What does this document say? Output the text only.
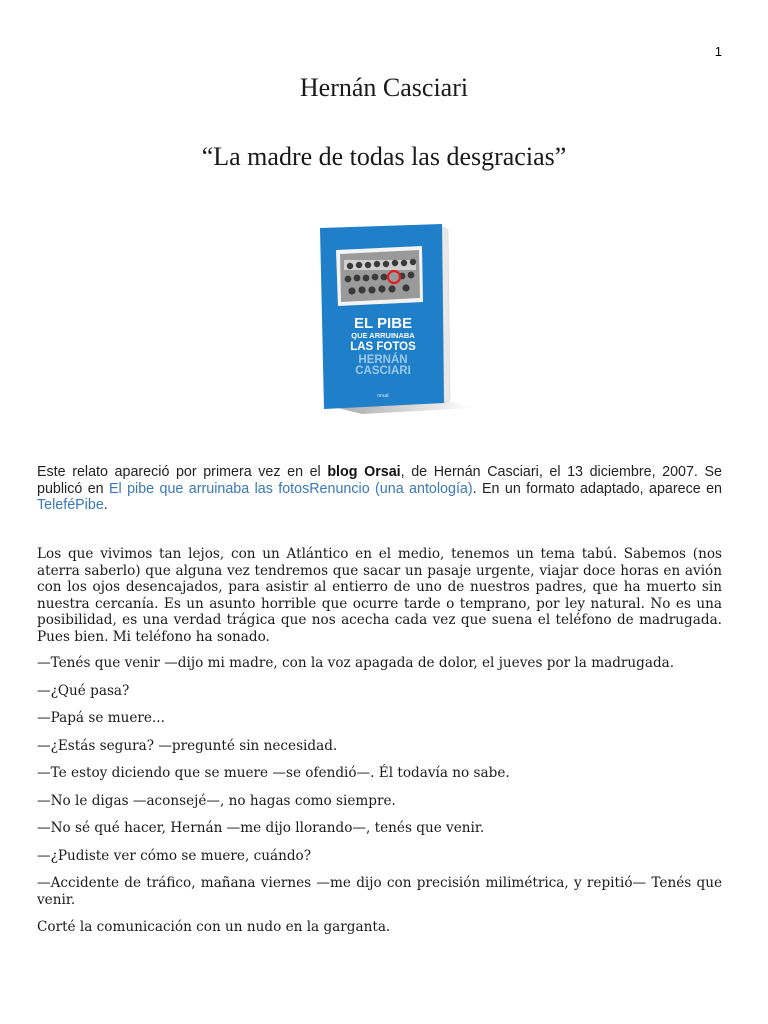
1
Hernán Casciari
“La madre de todas las desgracias”
EL PIBE
QUE ARRUINABA
LAS FOTOS
HERNÁN
CASCIARI
orsai
Este relato apareció por primera vez en el blog Orsai, de Hernán Casciari, el 13 diciembre, 2007. Se publicó en El pibe que arruinaba las fotosRenuncio (una antología). En un formato adaptado, aparece en TeleféPibe.

Los que vivimos tan lejos, con un Atlántico en el medio, tenemos un tema tabú. Sabemos (nos aterra saberlo) que alguna vez tendremos que sacar un pasaje urgente, viajar doce horas en avión con los ojos desencajados, para asistir al entierro de uno de nuestros padres, que ha muerto sin nuestra cercanía. Es un asunto horrible que ocurre tarde o temprano, por ley natural. No es una posibilidad, es una verdad trágica que nos acecha cada vez que suena el teléfono de madrugada. Pues bien. Mi teléfono ha sonado.

—Tenés que venir —dijo mi madre, con la voz apagada de dolor, el jueves por la madrugada.

—¿Qué pasa?

—Papá se muere...

—¿Estás segura? —pregunté sin necesidad.

—Te estoy diciendo que se muere —se ofendió—. Él todavía no sabe.

—No le digas —aconsejé—, no hagas como siempre.

—No sé qué hacer, Hernán —me dijo llorando—, tenés que venir.

—¿Pudiste ver cómo se muere, cuándo?

—Accidente de tráfico, mañana viernes —me dijo con precisión milimétrica, y repitió— Tenés que venir.

Corté la comunicación con un nudo en la garganta.
